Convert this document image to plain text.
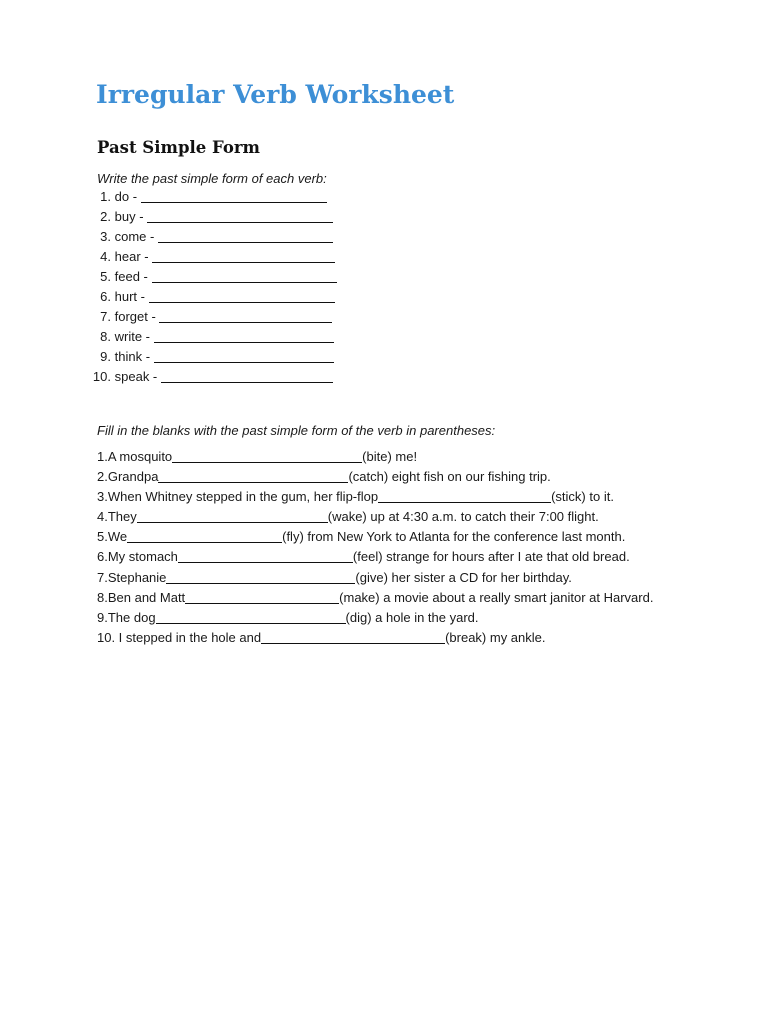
Irregular Verb Worksheet
Past Simple Form
Write the past simple form of each verb:
1. do -
2. buy -
3. come -
4. hear -
5. feed -
6. hurt -
7. forget -
8. write -
9. think -
10. speak -
Fill in the blanks with the past simple form of the verb in parentheses:
1.A mosquito	(bite) me!
2.Grandpa	(catch) eight fish on our fishing trip.
3.When Whitney stepped in the gum, her flip-flop	(stick) to it.
4.They	(wake) up at 4:30 a.m. to catch their 7:00 flight.
5.We	(fly) from New York to Atlanta for the conference last month.
6.My stomach	(feel) strange for hours after I ate that old bread.
7.Stephanie	(give) her sister a CD for her birthday.
8.Ben and Matt	(make) a movie about a really smart janitor at Harvard.
9.The dog	(dig) a hole in the yard.
10. I stepped in the hole and	(break) my ankle.
